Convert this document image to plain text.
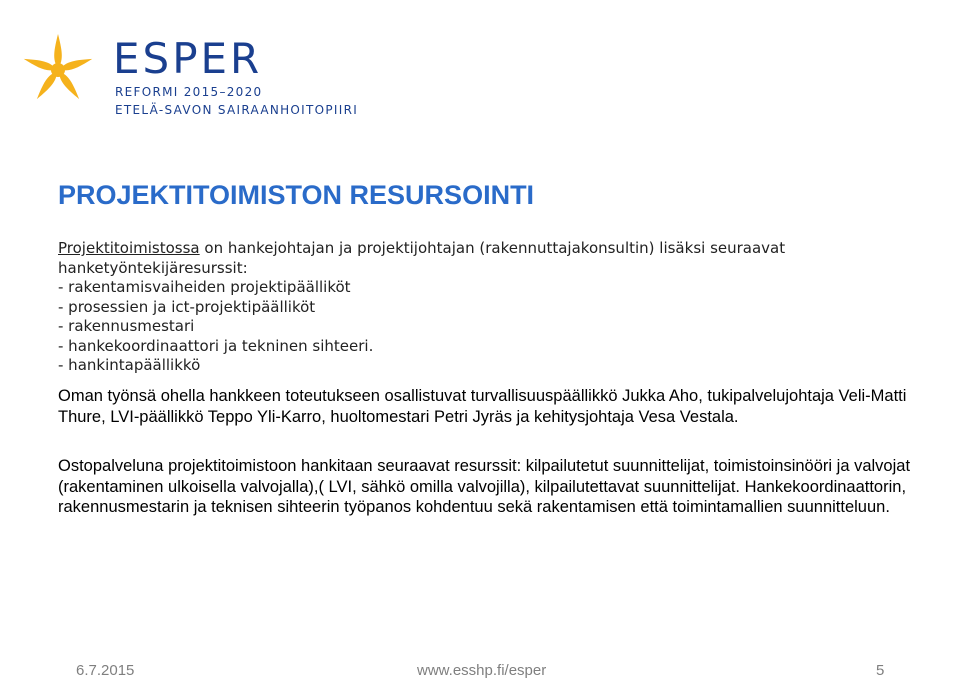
ESPER
REFORMI 2015–2020
ETELÄ-SAVON SAIRAANHOITOPIIRI
PROJEKTITOIMISTON RESURSOINTI
Projektitoimistossa on hankejohtajan ja projektijohtajan (rakennuttajakonsultin) lisäksi seuraavat hanketyöntekijäresurssit:
- rakentamisvaiheiden projektipäälliköt
- prosessien ja ict-projektipäälliköt
- rakennusmestari
- hankekoordinaattori ja tekninen sihteeri.
- hankintapäällikkö
Oman työnsä ohella hankkeen toteutukseen osallistuvat turvallisuuspäällikkö Jukka Aho, tukipalvelujohtaja Veli-Matti Thure, LVI-päällikkö Teppo Yli-Karro, huoltomestari Petri Jyräs ja kehitysjohtaja Vesa Vestala.
Ostopalveluna projektitoimistoon hankitaan seuraavat resurssit: kilpailutetut suunnittelijat, toimistoinsinööri ja valvojat (rakentaminen ulkoisella valvojalla),( LVI, sähkö omilla valvojilla), kilpailutettavat suunnittelijat. Hankekoordinaattorin, rakennusmestarin ja teknisen sihteerin työpanos kohdentuu sekä rakentamisen että toimintamallien suunnitteluun.
6.7.2015	www.esshp.fi/esper	5
